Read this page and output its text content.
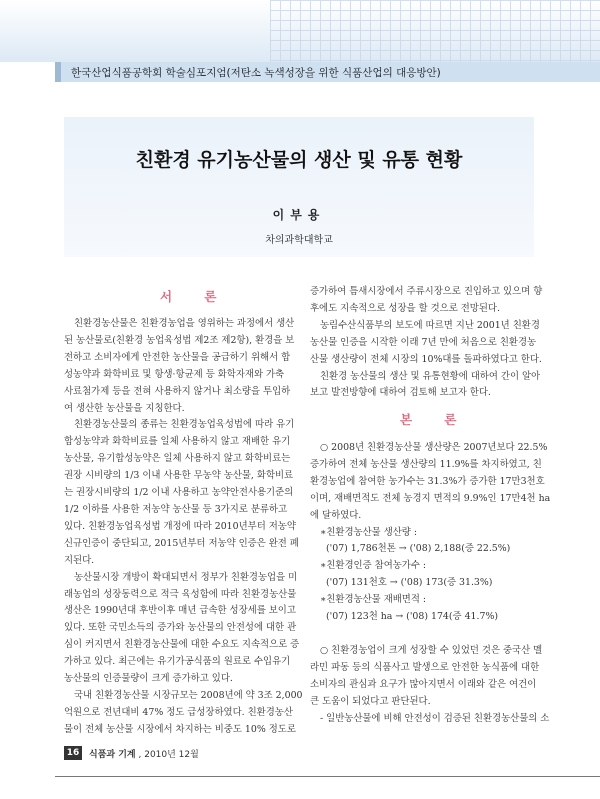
한국산업식품공학회 학술심포지엄(저탄소 녹색성장을 위한 식품산업의 대응방안)
친환경 유기농산물의 생산 및 유통 현황
이부용
차의과학대학교
서 론
본 론

친환경농산물은 친환경농업을 영위하는 과정에서 생산

된 농산물로(친환경 농업육성법 제2조 제2항), 환경을 보

전하고 소비자에게 안전한 농산물을 공급하기 위해서 합

성농약과 화학비료 및 항생·항균제 등 화학자재와 가축

사료첨가제 등을 전혀 사용하지 않거나 최소량을 투입하

여 생산한 농산물을 지칭한다.

친환경농산물의 종류는 친환경농업육성법에 따라 유기

합성농약과 화학비료를 일체 사용하지 않고 재배한 유기

농산물, 유기합성농약은 일체 사용하지 않고 화학비료는

권장 시비량의 1/3 이내 사용한 무농약 농산물, 화학비료

는 권장시비량의 1/2 이내 사용하고 농약안전사용기준의

1/2 이하를 사용한 저농약 농산물 등 3가지로 분류하고

있다. 친환경농업육성법 개정에 따라 2010년부터 저농약

신규인증이 중단되고, 2015년부터 저농약 인증은 완전 폐

지된다.

농산물시장 개방이 확대되면서 정부가 친환경농업을 미

래농업의 성장동력으로 적극 육성함에 따라 친환경농산물

생산은 1990년대 후반이후 매년 급속한 성장세를 보이고

있다. 또한 국민소득의 증가와 농산물의 안전성에 대한 관

심이 커지면서 친환경농산물에 대한 수요도 지속적으로 증

가하고 있다. 최근에는 유기가공식품의 원료로 수입유기

농산물의 인증물량이 크게 증가하고 있다.

국내 친환경농산물 시장규모는 2008년에 약 3조 2,000

억원으로 전년대비 47% 정도 급성장하였다. 친환경농산

물이 전체 농산물 시장에서 차지하는 비중도 10% 정도로

증가하여 틈새시장에서 주류시장으로 진입하고 있으며 향

후에도 지속적으로 성장을 할 것으로 전망된다.

농림수산식품부의 보도에 따르면 지난 2001년 친환경

농산물 인증을 시작한 이래 7년 만에 처음으로 친환경농

산물 생산량이 전체 시장의 10%대를 돌파하였다고 한다.

친환경 농산물의 생산 및 유통현황에 대하여 간이 알아

보고 발전방향에 대하여 검토해 보고자 한다.

○ 2008년 친환경농산물 생산량은 2007년보다 22.5%

증가하여 전체 농산물 생산량의 11.9%를 차지하였고, 친

환경농업에 참여한 농가수는 31.3%가 증가한 17만3천호

이며, 재배면적도 전체 농경지 면적의 9.9%인 17만4천 ha

에 달하였다.

∗친환경농산물 생산량 :

('07) 1,786천톤 → ('08) 2,188(증 22.5%)

∗친환경인증 참여농가수 :

('07) 131천호 → ('08) 173(증 31.3%)

∗친환경농산물 재배면적 :

('07) 123천 ha → ('08) 174(증 41.7%)

○ 친환경농업이 크게 성장할 수 있었던 것은 중국산 멜

라민 파동 등의 식품사고 발생으로 안전한 농식품에 대한

소비자의 관심과 요구가 많아지면서 이래와 같은 여건이

큰 도움이 되었다고 판단된다.

- 일반농산물에 비해 안전성이 검증된 친환경농산물의 소

16	식품과 기계 , 2010년 12월
